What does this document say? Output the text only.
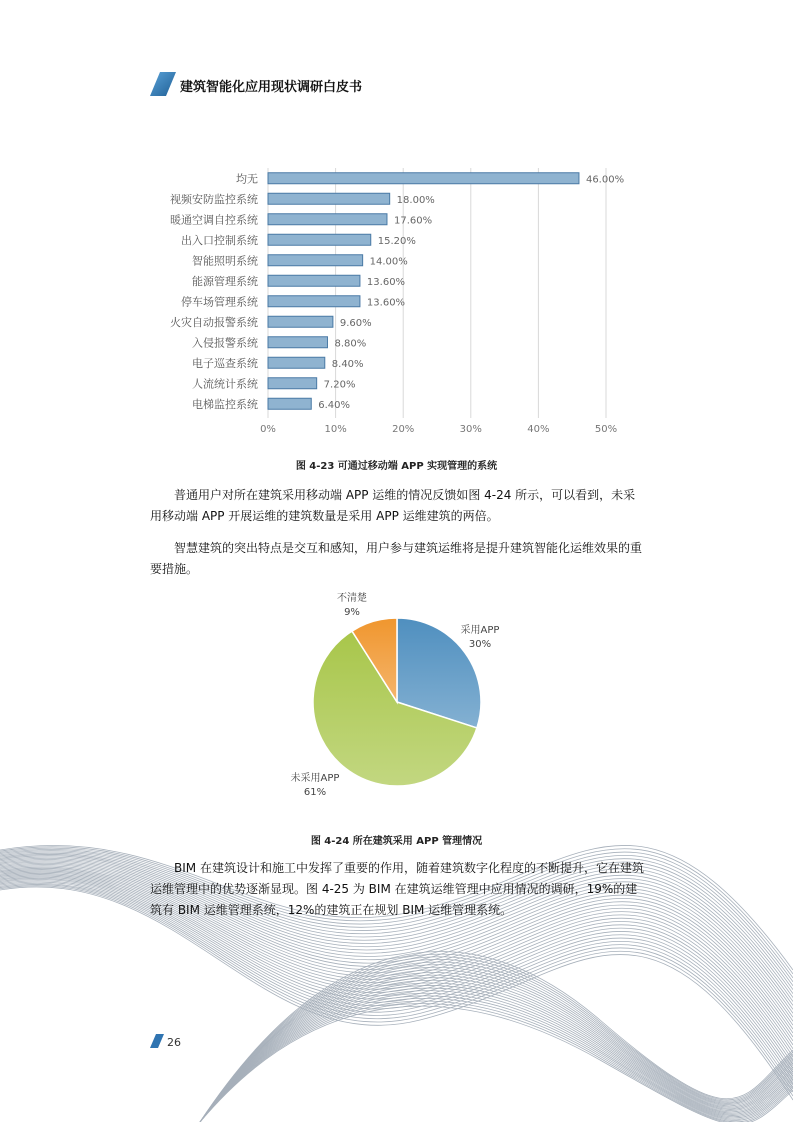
建筑智能化应用现状调研白皮书
0%	10%	20%	30%	40%	50%
均无	46.00%
视频安防监控系统	18.00%
暖通空调自控系统	17.60%
出入口控制系统	15.20%
智能照明系统	14.00%
能源管理系统	13.60%
停车场管理系统	13.60%
火灾自动报警系统	9.60%
入侵报警系统	8.80%
电子巡查系统	8.40%
人流统计系统	7.20%
电梯监控系统	6.40%
图 4-23 可通过移动端 APP 实现管理的系统
普通用户对所在建筑采用移动端 APP 运维的情况反馈如图 4-24 所示，可以看到，未采用移动端 APP 开展运维的建筑数量是采用 APP 运维建筑的两倍。
智慧建筑的突出特点是交互和感知，用户参与建筑运维将是提升建筑智能化运维效果的重要措施。
采用APP
30%
未采用APP
61%
不清楚
9%
图 4-24 所在建筑采用 APP 管理情况
BIM 在建筑设计和施工中发挥了重要的作用，随着建筑数字化程度的不断提升，它在建筑运维管理中的优势逐渐显现。图 4-25 为 BIM 在建筑运维管理中应用情况的调研，19%的建筑有 BIM 运维管理系统，12%的建筑正在规划 BIM 运维管理系统。
26
